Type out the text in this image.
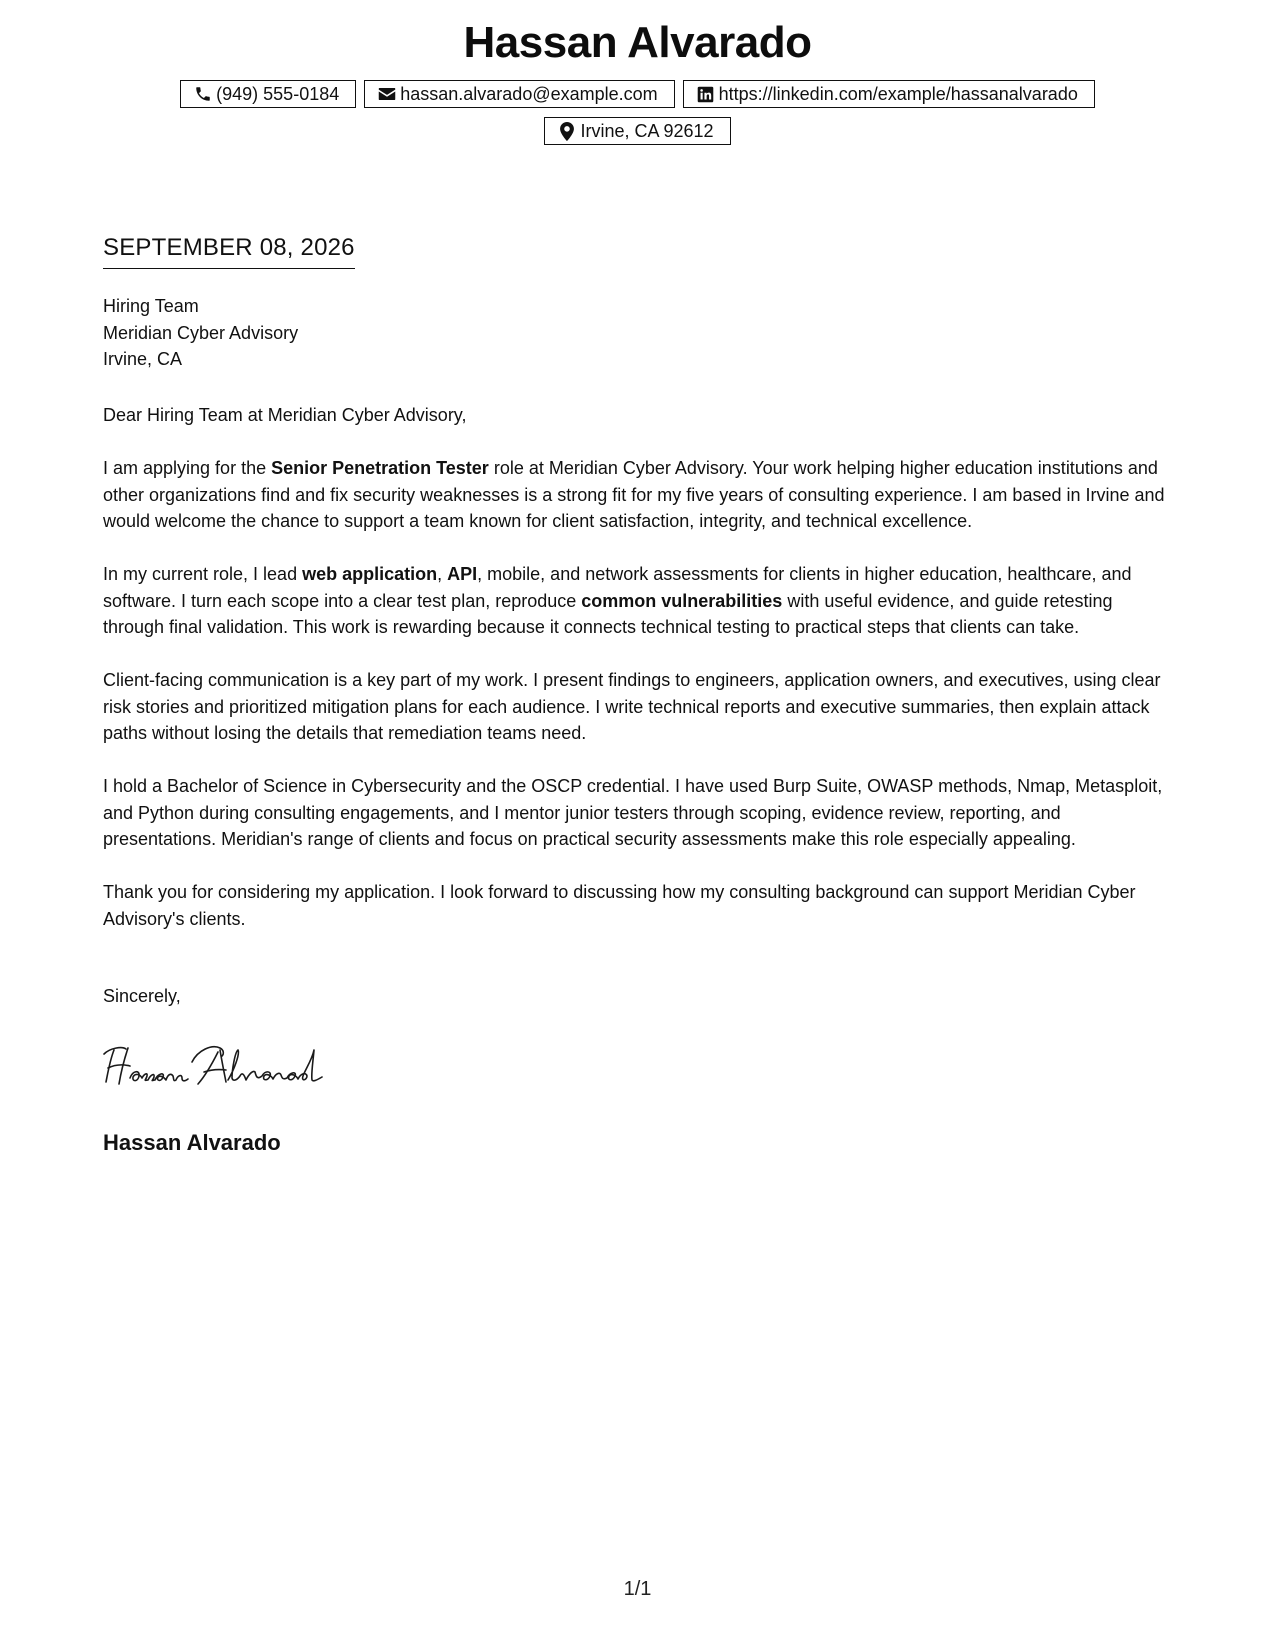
Hassan Alvarado
(949) 555-0184	hassan.alvarado@example.com	https://linkedin.com/example/hassanalvarado
Irvine, CA 92612
SEPTEMBER 08, 2026
Hiring Team
Meridian Cyber Advisory
Irvine, CA
Dear Hiring Team at Meridian Cyber Advisory,

I am applying for the Senior Penetration Tester role at Meridian Cyber Advisory. Your work helping higher education institutions and other organizations find and fix security weaknesses is a strong fit for my five years of consulting experience. I am based in Irvine and would welcome the chance to support a team known for client satisfaction, integrity, and technical excellence.

In my current role, I lead web application, API, mobile, and network assessments for clients in higher education, healthcare, and software. I turn each scope into a clear test plan, reproduce common vulnerabilities with useful evidence, and guide retesting through final validation. This work is rewarding because it connects technical testing to practical steps that clients can take.

Client-facing communication is a key part of my work. I present findings to engineers, application owners, and executives, using clear risk stories and prioritized mitigation plans for each audience. I write technical reports and executive summaries, then explain attack paths without losing the details that remediation teams need.

I hold a Bachelor of Science in Cybersecurity and the OSCP credential. I have used Burp Suite, OWASP methods, Nmap, Metasploit, and Python during consulting engagements, and I mentor junior testers through scoping, evidence review, reporting, and presentations. Meridian's range of clients and focus on practical security assessments make this role especially appealing.

Thank you for considering my application. I look forward to discussing how my consulting background can support Meridian Cyber Advisory's clients.

Sincerely,
Hassan Alvarado
1/1
